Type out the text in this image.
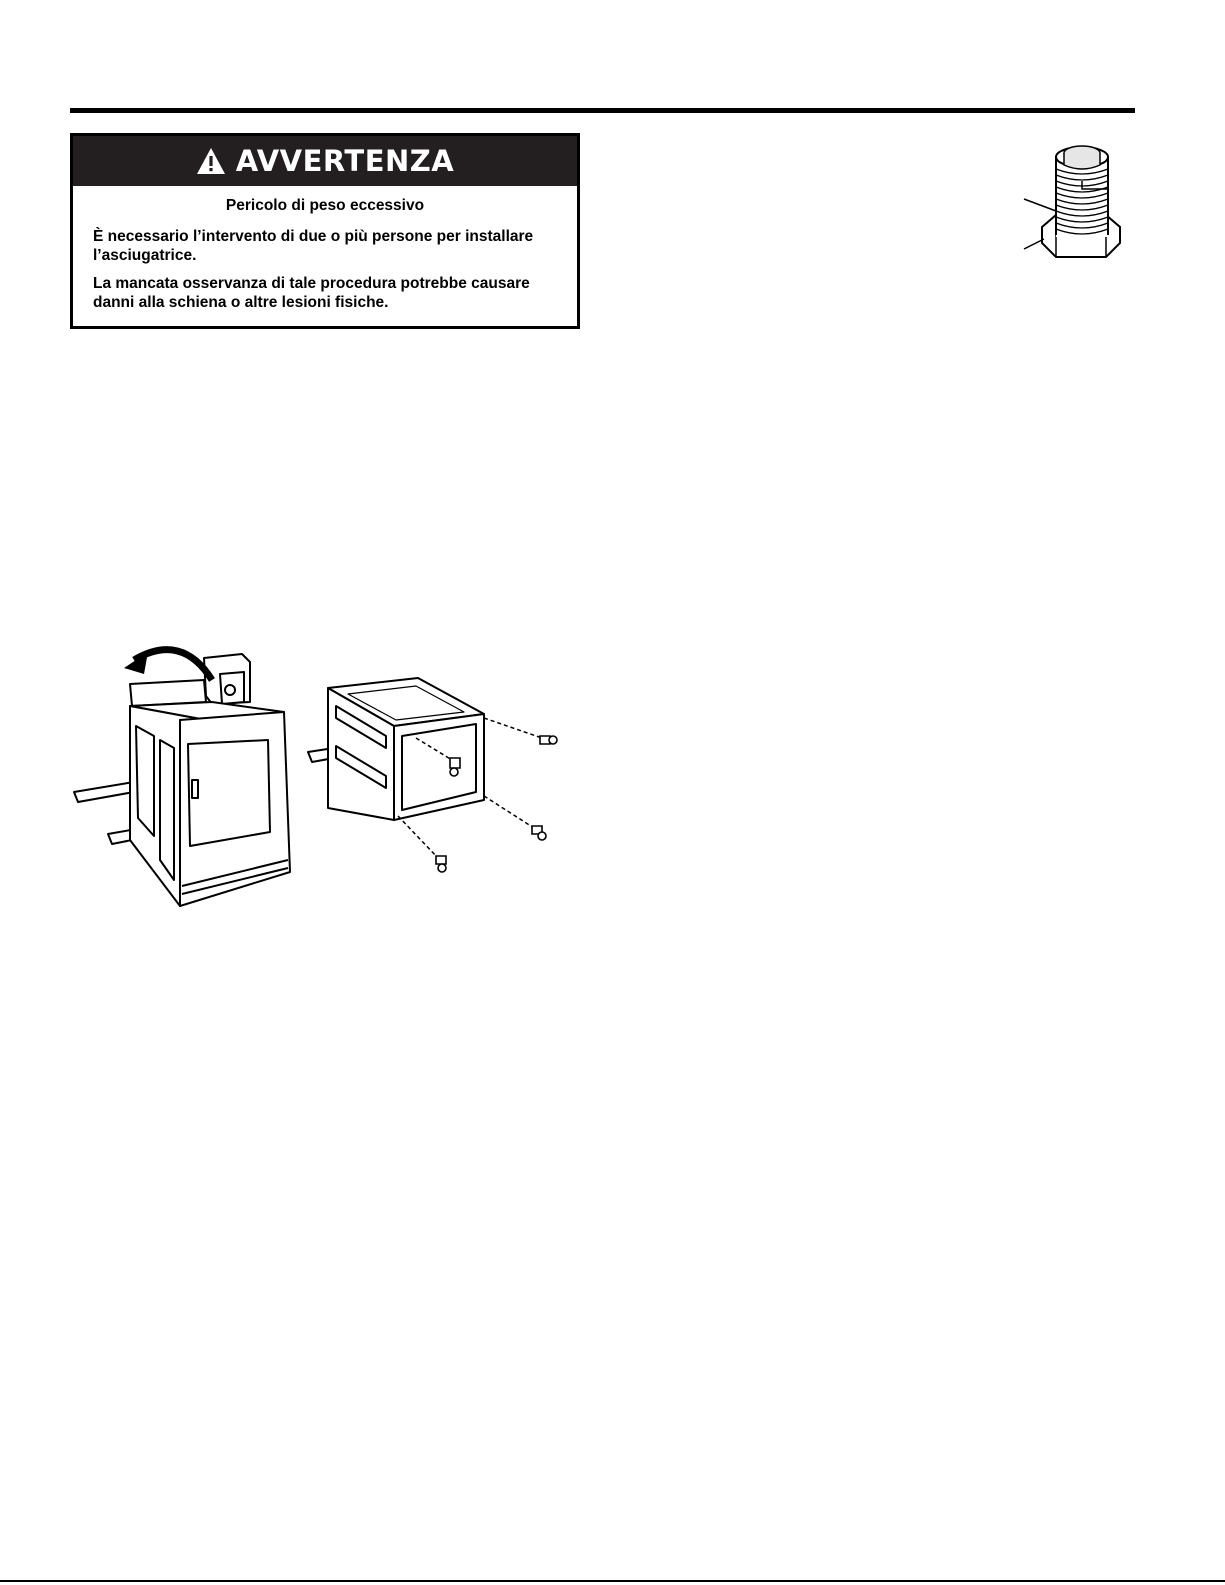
AVVERTENZA
Pericolo di peso eccessivo
È necessario l’intervento di due o più persone per installare l’asciugatrice.
La mancata osservanza di tale procedura potrebbe causare danni alla schiena o altre lesioni fisiche.
